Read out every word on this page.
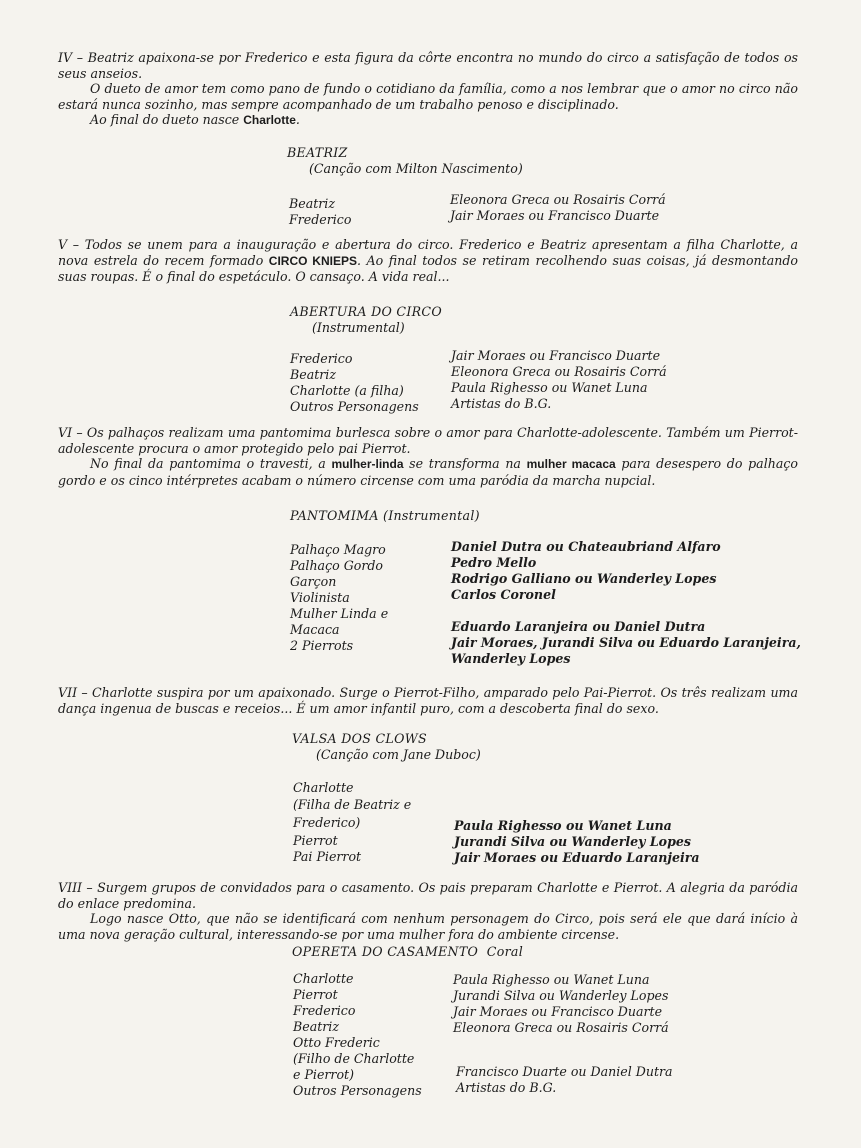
IV – Beatriz apaixona-se por Frederico e esta figura da côrte encontra no mundo do circo a satisfação de todos os seus anseios.
O dueto de amor tem como pano de fundo o cotidiano da família, como a nos lembrar que o amor no circo não estará nunca sozinho, mas sempre acompanhado de um trabalho penoso e disciplinado.
Ao final do dueto nasce Charlotte.

BEATRIZ
(Canção com Milton Nascimento)
Beatriz
Frederico
Eleonora Greca ou Rosairis Corrá
Jair Moraes ou Francisco Duarte

V – Todos se unem para a inauguração e abertura do circo. Frederico e Beatriz apresentam a filha Charlotte, a nova estrela do recem formado CIRCO KNIEPS. Ao final todos se retiram recolhendo suas coisas, já desmontando suas roupas. É o final do espetáculo. O cansaço. A vida real...

ABERTURA DO CIRCO
(Instrumental)
Frederico
Beatriz
Charlotte (a filha)
Outros Personagens
Jair Moraes ou Francisco Duarte
Eleonora Greca ou Rosairis Corrá
Paula Righesso ou Wanet Luna
Artistas do B.G.

VI – Os palhaços realizam uma pantomima burlesca sobre o amor para Charlotte-adolescente. Também um Pierrot-adolescente procura o amor protegido pelo pai Pierrot.
No final da pantomima o travesti, a mulher-linda se transforma na mulher macaca para desespero do palhaço gordo e os cinco intérpretes acabam o número circense com uma paródia da marcha nupcial.

PANTOMIMA (Instrumental)
Palhaço Magro
Palhaço Gordo
Garçon
Violinista
Mulher Linda e
Macaca
2 Pierrots
Daniel Dutra ou Chateaubriand Alfaro
Pedro Mello
Rodrigo Galliano ou Wanderley Lopes
Carlos Coronel
Eduardo Laranjeira ou Daniel Dutra
Jair Moraes, Jurandi Silva ou Eduardo Laranjeira,
Wanderley Lopes

VII – Charlotte suspira por um apaixonado. Surge o Pierrot-Filho, amparado pelo Pai-Pierrot. Os três realizam uma dança ingenua de buscas e receios... É um amor infantil puro, com a descoberta final do sexo.

VALSA DOS CLOWS
(Canção com Jane Duboc)
Charlotte
(Filha de Beatriz e
Frederico)
Pierrot
Pai Pierrot
Paula Righesso ou Wanet Luna
Jurandi Silva ou Wanderley Lopes
Jair Moraes ou Eduardo Laranjeira

VIII – Surgem grupos de convidados para o casamento. Os pais preparam Charlotte e Pierrot. A alegria da paródia do enlace predomina.
Logo nasce Otto, que não se identificará com nenhum personagem do Circo, pois será ele que dará início à uma nova geração cultural, interessando-se por uma mulher fora do ambiente circense.

OPERETA DO CASAMENTO Coral
Charlotte
Pierrot
Frederico
Beatriz
Otto Frederic
(Filho de Charlotte
e Pierrot)
Outros Personagens
Paula Righesso ou Wanet Luna
Jurandi Silva ou Wanderley Lopes
Jair Moraes ou Francisco Duarte
Eleonora Greca ou Rosairis Corrá
Francisco Duarte ou Daniel Dutra
Artistas do B.G.
